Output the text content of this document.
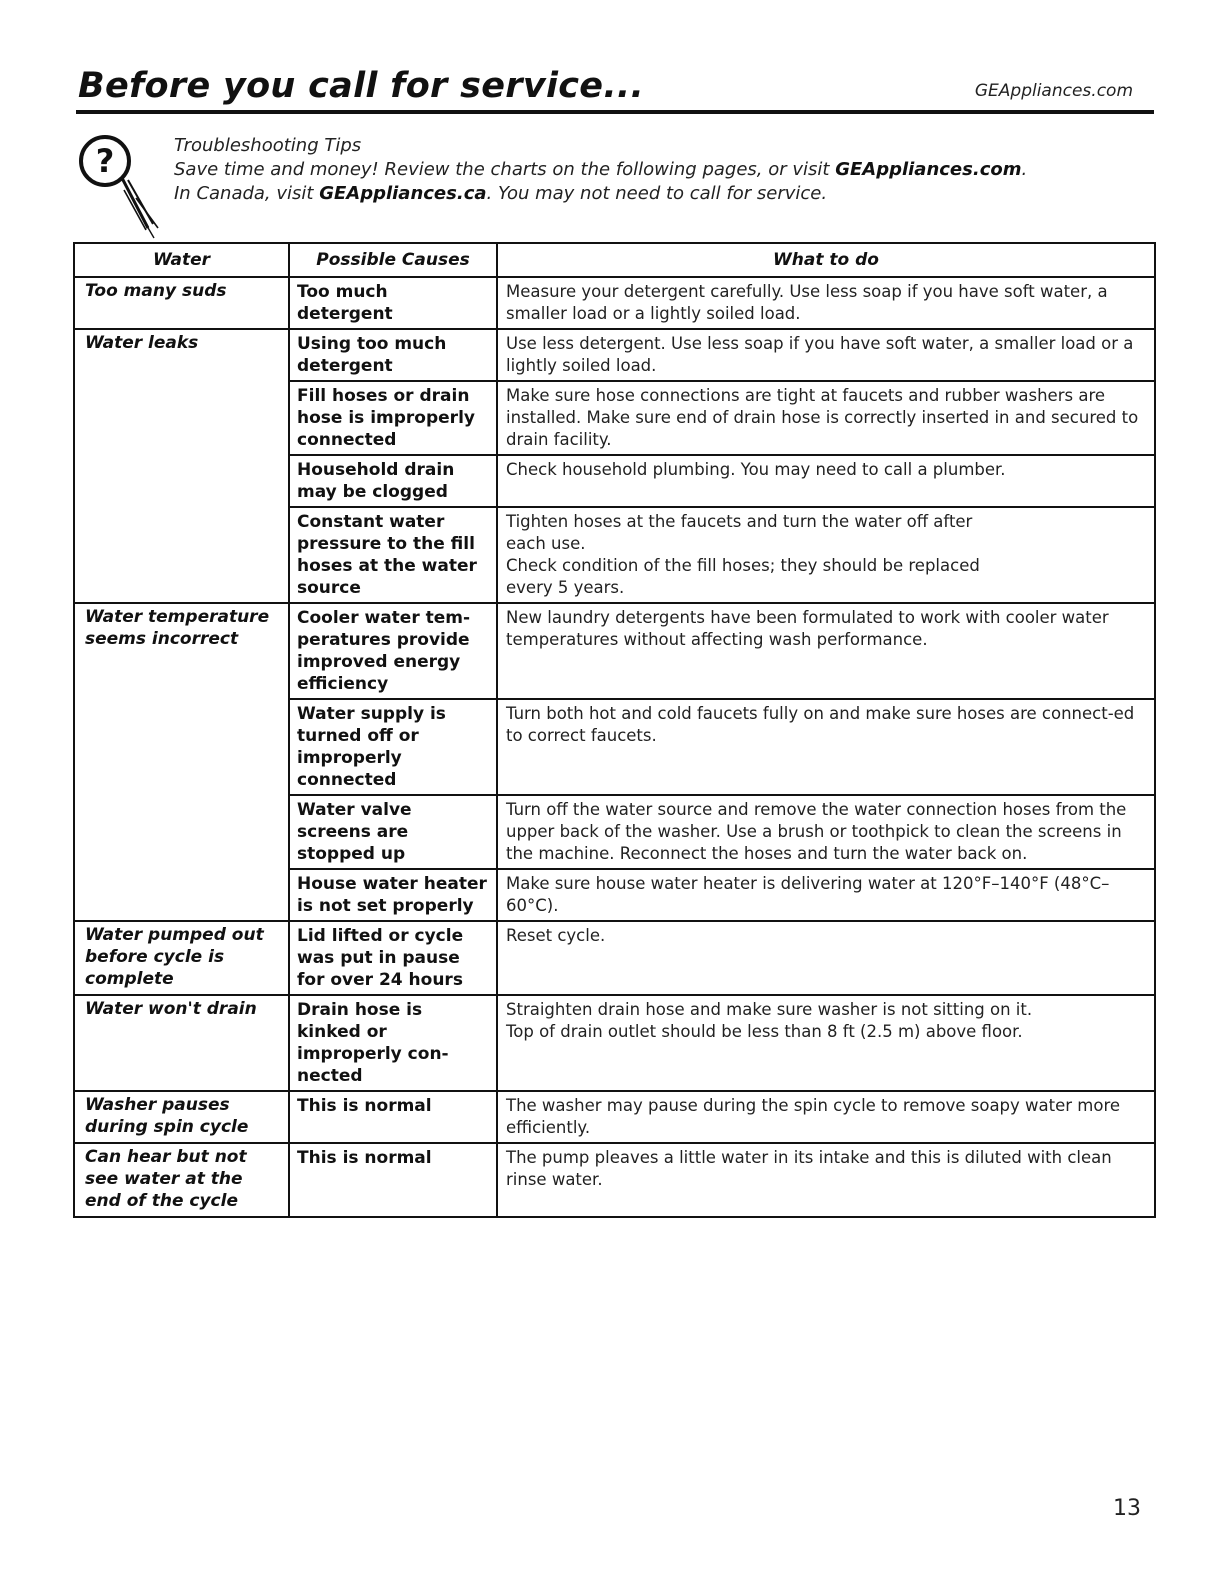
Before you call for service...	GEAppliances.com
?	Troubleshooting Tips
Save time and money! Review the charts on the following pages, or visit GEAppliances.com.
In Canada, visit GEAppliances.ca. You may not need to call for service.
Water	Possible Causes	What to do
Too many suds	Too much detergent	Measure your detergent carefully. Use less soap if you have soft water, a smaller load or a lightly soiled load.
Water leaks	Using too much detergent	Use less detergent. Use less soap if you have soft water, a smaller load or a lightly soiled load.
	Fill hoses or drain hose is improperly connected	Make sure hose connections are tight at faucets and rubber washers are installed. Make sure end of drain hose is correctly inserted in and secured to drain facility.
	Household drain may be clogged	Check household plumbing. You may need to call a plumber.
	Constant water pressure to the fill hoses at the water source	Tighten hoses at the faucets and turn the water off after
each use.
Check condition of the fill hoses; they should be replaced
every 5 years.

Water temperature seems incorrect	Cooler water tem-peratures provide improved energy efficiency	New laundry detergents have been formulated to work with cooler water temperatures without affecting wash performance.
	Water supply is turned off or improperly connected	Turn both hot and cold faucets fully on and make sure hoses are connect-ed to correct faucets.
	Water valve screens are stopped up	Turn off the water source and remove the water connection hoses from the upper back of the washer. Use a brush or toothpick to clean the screens in the machine. Reconnect the hoses and turn the water back on.
	House water heater is not set properly	Make sure house water heater is delivering water at 120°F–140°F (48°C–60°C).
Water pumped out before cycle is complete	Lid lifted or cycle was put in pause for over 24 hours	Reset cycle.
Water won't drain	Drain hose is kinked or improperly con-nected	Straighten drain hose and make sure washer is not sitting on it.
Top of drain outlet should be less than 8 ft (2.5 m) above floor.

Washer pauses during spin cycle	This is normal	The washer may pause during the spin cycle to remove soapy water more efficiently.
Can hear but not see water at the end of the cycle	This is normal	The pump pleaves a little water in its intake and this is diluted with clean rinse water.
13
